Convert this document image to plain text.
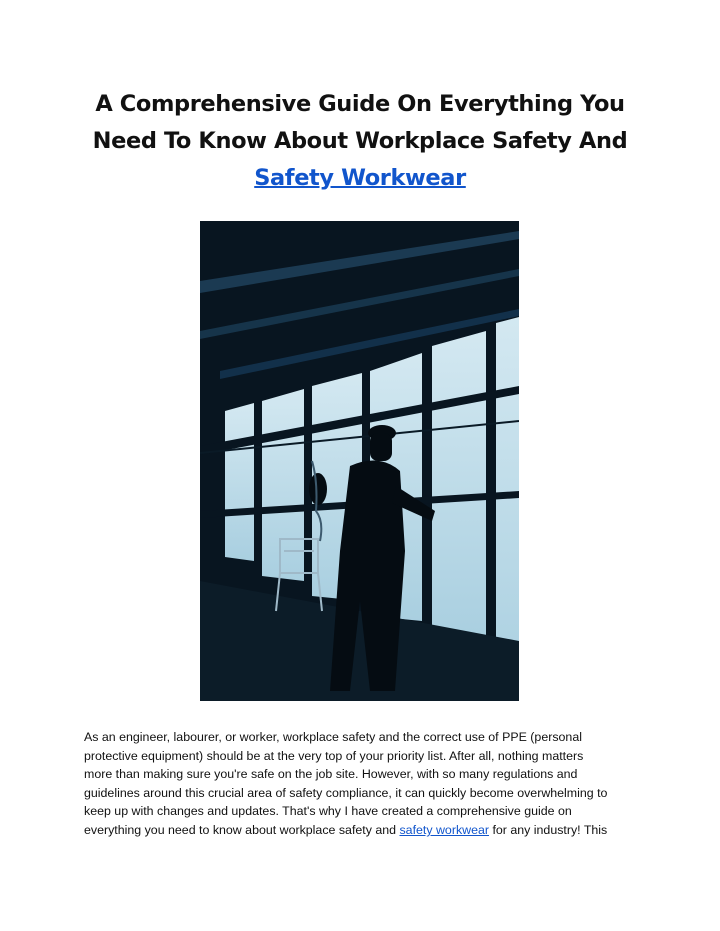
A Comprehensive Guide On Everything You
Need To Know About Workplace Safety And
Safety Workwear
As an engineer, labourer, or worker, workplace safety and the correct use of PPE (personal
protective equipment) should be at the very top of your priority list. After all, nothing matters
more than making sure you're safe on the job site. However, with so many regulations and
guidelines around this crucial area of safety compliance, it can quickly become overwhelming to
keep up with changes and updates. That's why I have created a comprehensive guide on
everything you need to know about workplace safety and safety workwear for any industry! This
